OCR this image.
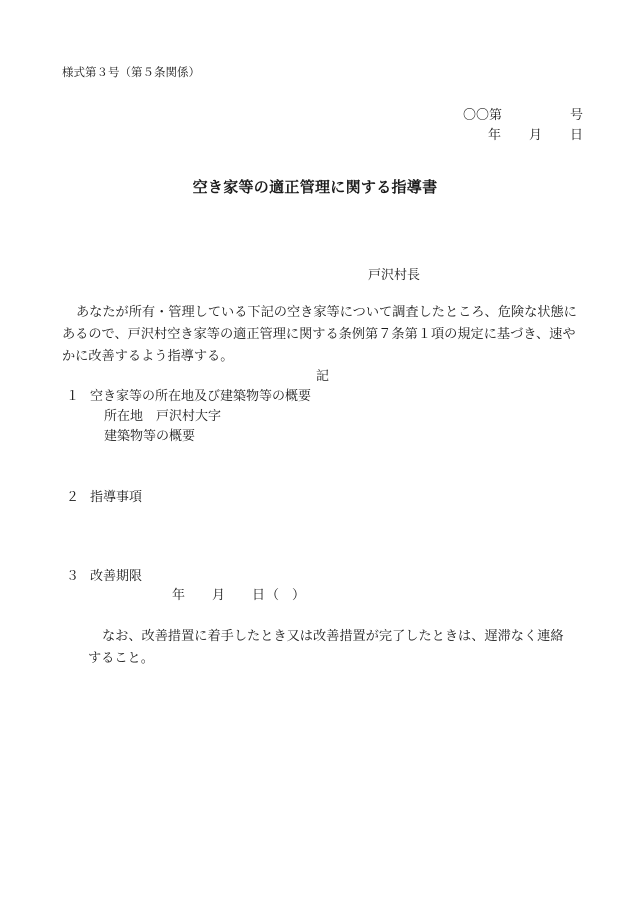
様式第３号（第５条関係）
〇〇第	号
年 月 日
空き家等の適正管理に関する指導書
戸沢村長
あなたが所有・管理している下記の空き家等について調査したところ、危険な状態に
あるので、戸沢村空き家等の適正管理に関する条例第７条第１項の規定に基づき、速や
かに改善するよう指導する。
記
１ 空き家等の所在地及び建築物等の概要
所在地 戸沢村大字
建築物等の概要
２ 指導事項
３ 改善期限
年 月 日 （　）
なお、改善措置に着手したとき又は改善措置が完了したときは、遅滞なく連絡
すること。
